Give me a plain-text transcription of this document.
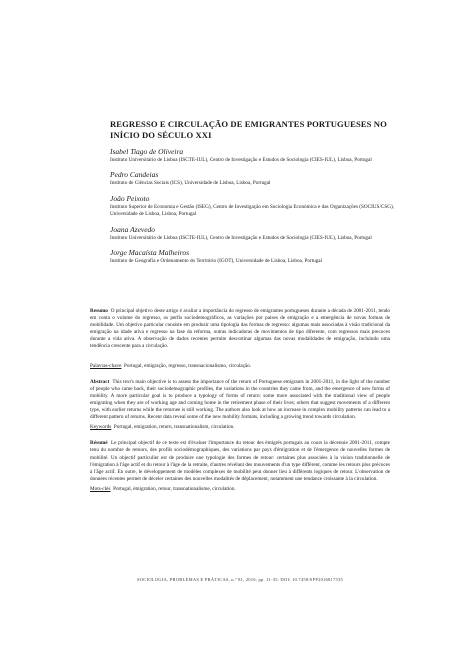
REGRESSO E CIRCULAÇÃO DE EMIGRANTES PORTUGUESES NO INÍCIO DO SÉCULO XXI
Isabel Tiago de Oliveira
Instituto Universitário de Lisboa (ISCTE-IUL), Centro de Investigação e Estudos de Sociologia (CIES-IUL), Lisboa, Portugal
Pedro Candeias
Instituto de Ciências Sociais (ICS), Universidade de Lisboa, Lisboa, Portugal
João Peixoto
Instituto Superior de Economia e Gestão (ISEG), Centro de Investigação em Sociologia Económica e das Organizações (SOCIUS/CSG), Universidade de Lisboa, Lisboa, Portugal
Joana Azevedo
Instituto Universitário de Lisboa (ISCTE-IUL), Centro de Investigação e Estudos de Sociologia (CIES-IUL), Lisboa, Portugal
Jorge Macaísta Malheiros
Instituto de Geografia e Ordenamento do Território (IGOT), Universidade de Lisboa, Lisboa, Portugal

Resumo O principal objetivo deste artigo é avaliar a importância do regresso de emigrantes portugueses durante a década de 2001-2011, tendo em conta o volume do regresso, os perfis sociodemográficos, as variações por países de emigração e a emergência de novas formas de mobilidade. Um objetivo particular consiste em produzir uma tipologia das formas de regresso: algumas mais associadas à visão tradicional da emigração na idade ativa e regresso na fase da reforma, outras indicadoras de movimentos de tipo diferente, com regressos mais precoces durante a vida ativa. A observação de dados recentes permite descortinar algumas das novas modalidades de emigração, incluindo uma tendência crescente para a circulação.

Palavras-chave Portugal, emigração, regresso, transnacionalismo, circulação.

Abstract This text's main objective is to assess the importance of the return of Portuguese emigrants in 2001-2011, in the light of the number of people who came back, their sociodemographic profiles, the variations in the countries they came from, and the emergence of new forms of mobility. A more particular goal is to produce a typology of forms of return: some more associated with the traditional view of people emigrating when they are of working age and coming home in the retirement phase of their lives; others that suggest movements of a different type, with earlier returns while the returnee is still working. The authors also look at how an increase in complex mobility patterns can lead to a different pattern of returns. Recent data reveal some of the new mobility formats, including a growing trend towards circulation.

Keywords Portugal, emigration, return, transnationalism, circulation.

Résumé Le principal objectif de ce texte est d'évaluer l'importance du retour des émigrés portugais au cours la décennie 2001-2011, compte tenu du nombre de retours, des profils sociodémographiques, des variations par pays d'émigration et de l'émergence de nouvelles formes de mobilité. Un objectif particulier est de produire une typologie des formes de retour: certaines plus associées à la vision traditionnelle de l'émigration à l'âge actif et du retour à l'âge de la retraite, d'autres révélant des mouvements d'un type différent, comme les retours plus précoces à l'âge actif. En outre, le développement de modèles complexes de mobilité peut donner lieu à différents logiques de retour. L'observation de données récentes permet de déceler certaines des nouvelles modalités de déplacement, notamment une tendance croissante à la circulation.

Mots-clés Portugal, émigration, retour, transnationalisme, circulation.

SOCIOLOGIA, PROBLEMAS E PRÁTICAS, n.º 81, 2016, pp. 11-35. DOI: 10.7458/SPP2016817535
